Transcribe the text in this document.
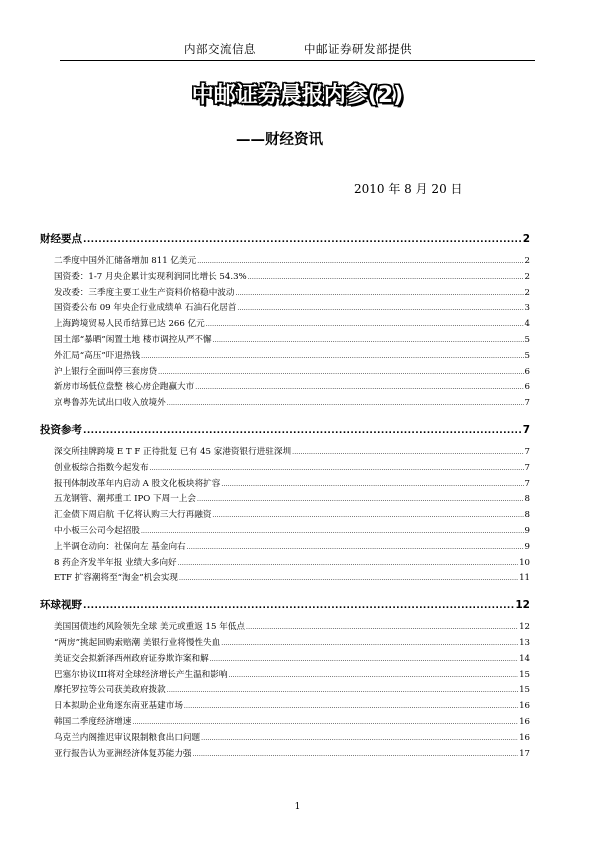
内部交流信息	中邮证券研发部提供
中邮证券晨报内参(2)
——财经资讯
2010 年 8 月 20 日
财经要点 .....	2
二季度中国外汇储备增加 811 亿美元 .....	2
国资委：1-7 月央企累计实现利润同比增长 54.3% .....	2
发改委：三季度主要工业生产资料价格稳中波动 .....	2
国资委公布 09 年央企行业成绩单 石油石化居首 .....	3
上海跨境贸易人民币结算已达 266 亿元 .....	4
国土部“暴晒”闲置土地 楼市调控从严不懈 .....	5
外汇局“高压”吓退热钱 .....	5
沪上银行全面叫停三套房贷 .....	6
新房市场低位盘整 核心房企跑赢大市 .....	6
京粤鲁苏先试出口收入放境外 .....	7
投资参考 .....	7
深交所挂牌跨境 E T F 正待批复 已有 45 家港资银行进驻深圳 .....	7
创业板综合指数今起发布 .....	7
报刊体制改革年内启动 A 股文化板块将扩容 .....	7
五龙钢管、潮邦重工 IPO 下周一上会 .....	8
汇金债下周启航 千亿将认购三大行再融资 .....	8
中小板三公司今起招股 .....	9
上半调仓动向：社保向左 基金向右 .....	9
8 药企齐发半年报 业绩大多向好 .....	10
ETF 扩容潮将至“淘金”机会实现 .....	11
环球视野 .....	12
美国国债违约风险领先全球 美元或重返 15 年低点 .....	12
“两房”挑起回购索赔潮 美银行业将慢性失血 .....	13
美证交会拟新泽西州政府证券欺诈案和解 .....	14
巴塞尔协议III将对全球经济增长产生温和影响 .....	15
摩托罗拉等公司获美政府拨款 .....	15
日本拟助企业角逐东南亚基建市场 .....	16
韩国二季度经济增速 .....	16
乌克兰内阁推迟审议限制粮食出口问题 .....	16
亚行报告认为亚洲经济体复苏能力强 .....	17
1
